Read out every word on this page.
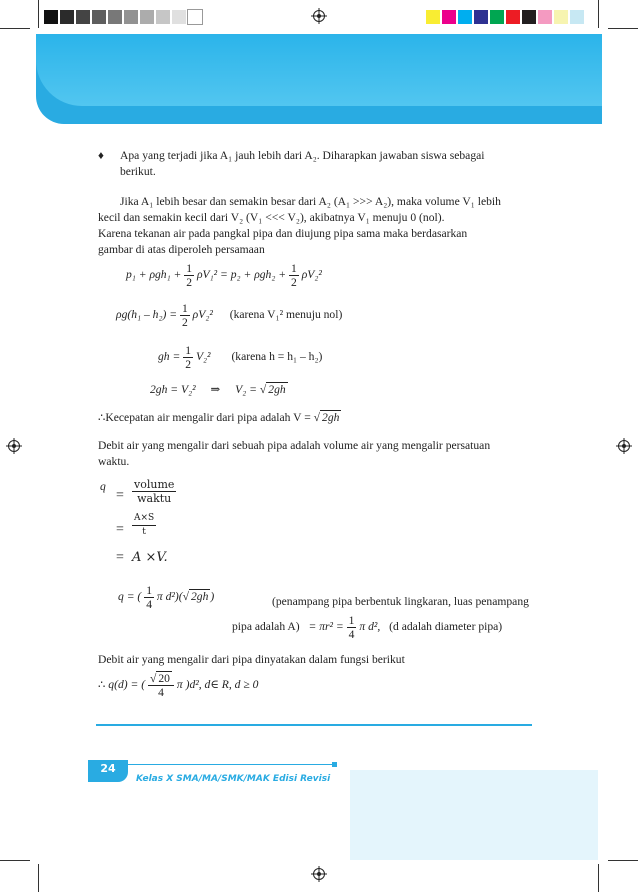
♦ Apa yang terjadi jika A₁ jauh lebih dari A₂. Diharapkan jawaban siswa sebagai
berikut.
Jika A₁ lebih besar dan semakin besar dari A₂ (A₁ >>> A₂), maka volume V₁ lebih
kecil dan semakin kecil dari V₂ (V₁ <<< V₂), akibatnya V₁ menuju 0 (nol).
Karena tekanan air pada pangkal pipa dan diujung pipa sama maka berdasarkan
gambar di atas diperoleh persamaan
$p_1 + \rho gh_1 + \frac{1}{2} \rho V_1^2 = p_2 + \rho gh_2 + \frac{1}{2} \rho V_2^2$
$\rho g(h_1 - h_2) = \frac{1}{2} \rho V_2^2$ (karena V₁² menuju nol)
gh = $\frac{1}{2} V_2^2$ (karena h = h₁ – h₂)
2gh = V₂² ⇒ V₂ = √ 2gh
∴Kecepatan air mengalir dari pipa adalah V = √ 2gh
Debit air yang mengalir dari sebuah pipa adalah volume air yang mengalir persatuan
waktu.
q
= $\frac{\text{volume}}{\text{waktu}}$
= $\frac{A\times S}{t}$
= A ×V.
q = ( $\frac{1}{4}$ π d²)(√ 2gh )	(penampang pipa berbentuk lingkaran, luas penampang
pipa adalah $A) = \pi r^2 = \frac{1}{4}$ π d², (d adalah diameter pipa)
Debit air yang mengalir dari pipa dinyatakan dalam fungsi berikut
∴ q(d) = ( $\frac{√ 20}{4}$ π )d², d∈ R, d ≥ 0
24
Kelas X SMA/MA/SMK/MAK Edisi Revisi
